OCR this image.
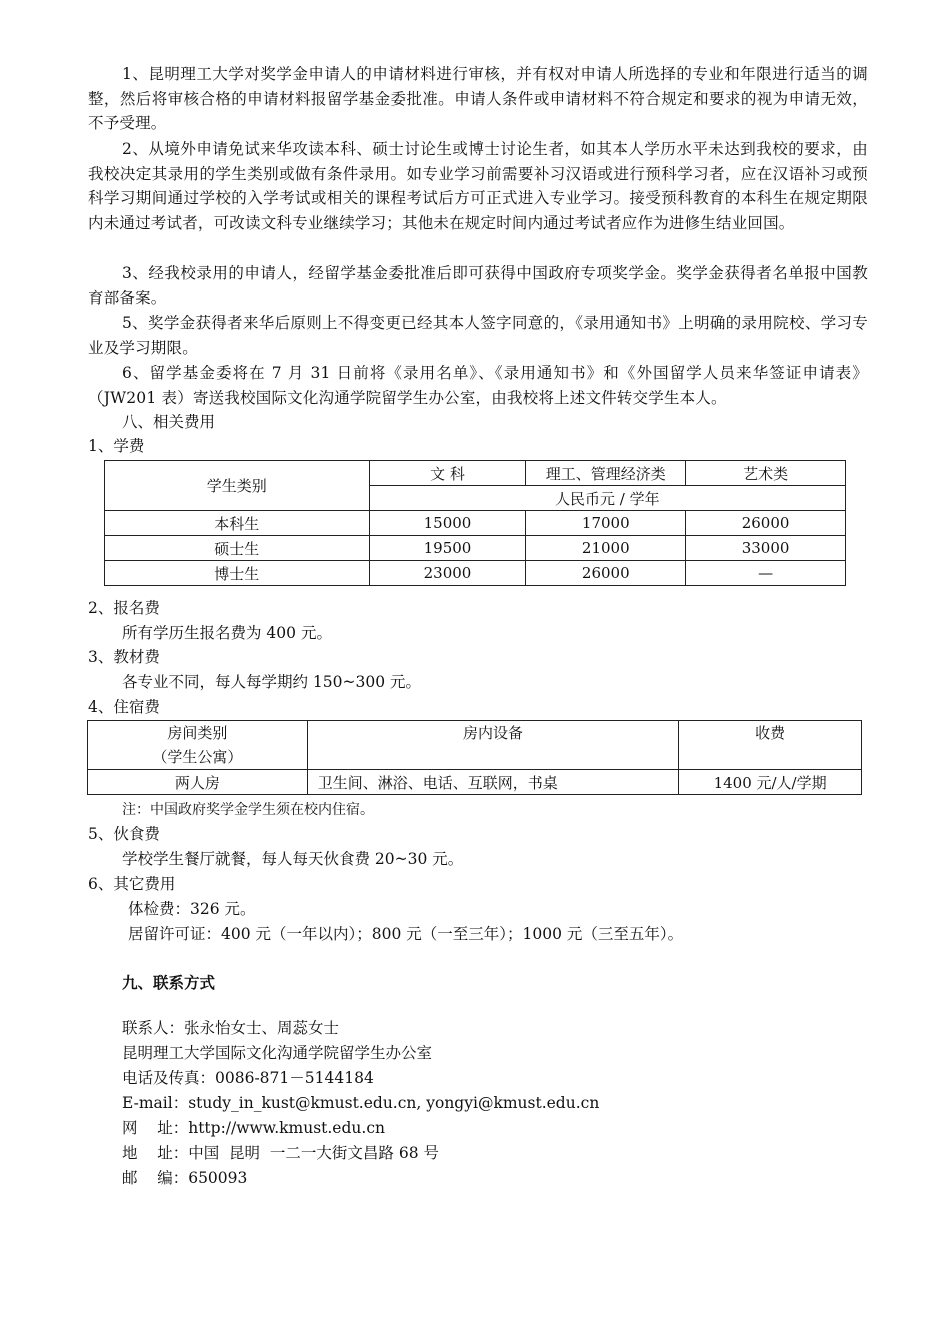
1、昆明理工大学对奖学金申请人的申请材料进行审核，并有权对申请人所选择的专业和年限进行适当的调整，然后将审核合格的申请材料报留学基金委批准。申请人条件或申请材料不符合规定和要求的视为申请无效，不予受理。

2、从境外申请免试来华攻读本科、硕士讨论生或博士讨论生者，如其本人学历水平未达到我校的要求，由我校决定其录用的学生类别或做有条件录用。如专业学习前需要补习汉语或进行预科学习者，应在汉语补习或预科学习期间通过学校的入学考试或相关的课程考试后方可正式进入专业学习。接受预科教育的本科生在规定期限内未通过考试者，可改读文科专业继续学习；其他未在规定时间内通过考试者应作为进修生结业回国。

3、经我校录用的申请人，经留学基金委批准后即可获得中国政府专项奖学金。奖学金获得者名单报中国教育部备案。

5、奖学金获得者来华后原则上不得变更已经其本人签字同意的，《录用通知书》上明确的录用院校、学习专业及学习期限。

6、留学基金委将在 7 月 31 日前将《录用名单》、《录用通知书》和《外国留学人员来华签证申请表》（JW201 表）寄送我校国际文化沟通学院留学生办公室，由我校将上述文件转交学生本人。

八、相关费用

1、学费

学生类别	文 科	理工、管理经济类	艺术类
	人民币元 / 学年		
本科生	15000	17000	26000
硕士生	19500	21000	33000
博士生	23000	26000	—

2、报名费

所有学历生报名费为 400 元。

3、教材费

各专业不同，每人每学期约 150~300 元。

4、住宿费

房间类别
（学生公寓）	房内设备	收费
两人房	卫生间、淋浴、电话、互联网，书桌	1400 元/人/学期

注：中国政府奖学金学生须在校内住宿。

5、伙食费

学校学生餐厅就餐，每人每天伙食费 20~30 元。

6、其它费用

体检费：326 元。

居留许可证：400 元（一年以内）；800 元（一至三年）；1000 元（三至五年）。

九、联系方式

联系人：张永怡女士、周蕊女士

昆明理工大学国际文化沟通学院留学生办公室

电话及传真：0086-871－5144184

E-mail：study_in_kust@kmust.edu.cn, yongyi@kmust.edu.cn

网    址：http://www.kmust.edu.cn

地    址：中国  昆明  一二一大街文昌路 68 号

邮    编：650093
